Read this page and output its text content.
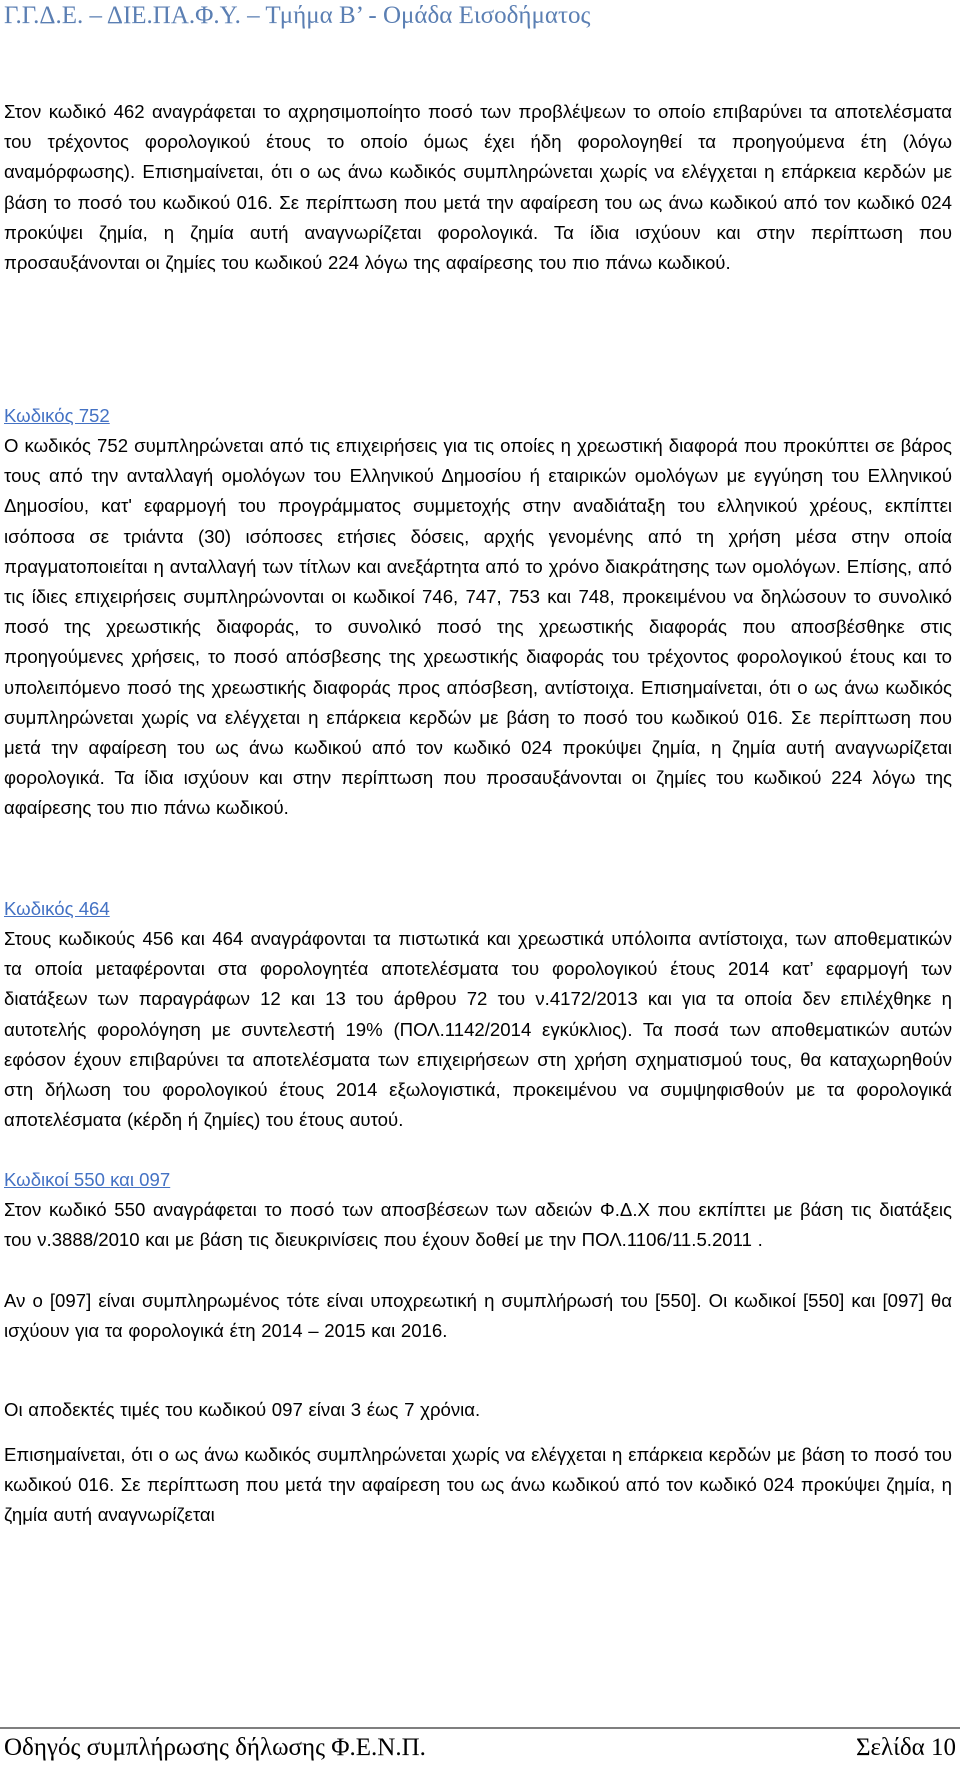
Γ.Γ.Δ.Ε. – ΔΙΕ.ΠΑ.Φ.Υ. – Τμήμα Β’ - Ομάδα Εισοδήματος

Στον κωδικό 462 αναγράφεται το αχρησιμοποίητο ποσό των προβλέψεων το οποίο επιβαρύνει τα αποτελέσματα του τρέχοντος φορολογικού έτους το οποίο όμως έχει ήδη φορολογηθεί τα προηγούμενα έτη (λόγω αναμόρφωσης). Επισημαίνεται, ότι ο ως άνω κωδικός συμπληρώνεται χωρίς να ελέγχεται η επάρκεια κερδών με βάση το ποσό του κωδικού 016. Σε περίπτωση που μετά την αφαίρεση του ως άνω κωδικού από τον κωδικό 024 προκύψει ζημία, η ζημία αυτή αναγνωρίζεται φορολογικά. Τα ίδια ισχύουν και στην περίπτωση που προσαυξάνονται οι ζημίες του κωδικού 224 λόγω της αφαίρεσης του πιο πάνω κωδικού.

Κωδικός 752

Ο κωδικός 752 συμπληρώνεται από τις επιχειρήσεις για τις οποίες η χρεωστική διαφορά που προκύπτει σε βάρος τους από την ανταλλαγή ομολόγων του Ελληνικού Δημοσίου ή εταιρικών ομολόγων με εγγύηση του Ελληνικού Δημοσίου, κατ' εφαρμογή του προγράμματος συμμετοχής στην αναδιάταξη του ελληνικού χρέους, εκπίπτει ισόποσα σε τριάντα (30) ισόποσες ετήσιες δόσεις, αρχής γενομένης από τη χρήση μέσα στην οποία πραγματοποιείται η ανταλλαγή των τίτλων και ανεξάρτητα από το χρόνο διακράτησης των ομολόγων. Επίσης, από τις ίδιες επιχειρήσεις συμπληρώνονται οι κωδικοί 746, 747, 753 και 748, προκειμένου να δηλώσουν το συνολικό ποσό της χρεωστικής διαφοράς, το συνολικό ποσό της χρεωστικής διαφοράς που αποσβέσθηκε στις προηγούμενες χρήσεις, το ποσό απόσβεσης της χρεωστικής διαφοράς του τρέχοντος φορολογικού έτους και το υπολειπόμενο ποσό της χρεωστικής διαφοράς προς απόσβεση, αντίστοιχα. Επισημαίνεται, ότι ο ως άνω κωδικός συμπληρώνεται χωρίς να ελέγχεται η επάρκεια κερδών με βάση το ποσό του κωδικού 016. Σε περίπτωση που μετά την αφαίρεση του ως άνω κωδικού από τον κωδικό 024 προκύψει ζημία, η ζημία αυτή αναγνωρίζεται φορολογικά. Τα ίδια ισχύουν και στην περίπτωση που προσαυξάνονται οι ζημίες του κωδικού 224 λόγω της αφαίρεσης του πιο πάνω κωδικού.

Κωδικός 464

Στους κωδικούς 456 και 464 αναγράφονται τα πιστωτικά και χρεωστικά υπόλοιπα αντίστοιχα, των αποθεματικών τα οποία μεταφέρονται στα φορολογητέα αποτελέσματα του φορολογικού έτους 2014 κατ’ εφαρμογή των διατάξεων των παραγράφων 12 και 13 του άρθρου 72 του ν.4172/2013 και για τα οποία δεν επιλέχθηκε η αυτοτελής φορολόγηση με συντελεστή 19% (ΠΟΛ.1142/2014 εγκύκλιος). Τα ποσά των αποθεματικών αυτών εφόσον έχουν επιβαρύνει τα αποτελέσματα των επιχειρήσεων στη χρήση σχηματισμού τους, θα καταχωρηθούν στη δήλωση του φορολογικού έτους 2014 εξωλογιστικά, προκειμένου να συμψηφισθούν με τα φορολογικά αποτελέσματα (κέρδη ή ζημίες) του έτους αυτού.

Κωδικοί 550 και 097

Στον κωδικό 550 αναγράφεται το ποσό των αποσβέσεων των αδειών Φ.Δ.Χ που εκπίπτει με βάση τις διατάξεις του ν.3888/2010 και με βάση τις διευκρινίσεις που έχουν δοθεί με την ΠΟΛ.1106/11.5.2011 .

Αν ο [097] είναι συμπληρωμένος τότε είναι υποχρεωτική η συμπλήρωσή του [550]. Οι κωδικοί [550] και [097] θα ισχύουν για τα φορολογικά έτη 2014 – 2015 και 2016.

Οι αποδεκτές τιμές του κωδικού 097 είναι 3 έως 7 χρόνια.

Επισημαίνεται, ότι ο ως άνω κωδικός συμπληρώνεται χωρίς να ελέγχεται η επάρκεια κερδών με βάση το ποσό του κωδικού 016. Σε περίπτωση που μετά την αφαίρεση του ως άνω κωδικού από τον κωδικό 024 προκύψει ζημία, η ζημία αυτή αναγνωρίζεται

Οδηγός συμπλήρωσης δήλωσης Φ.Ε.Ν.Π.	Σελίδα 10
